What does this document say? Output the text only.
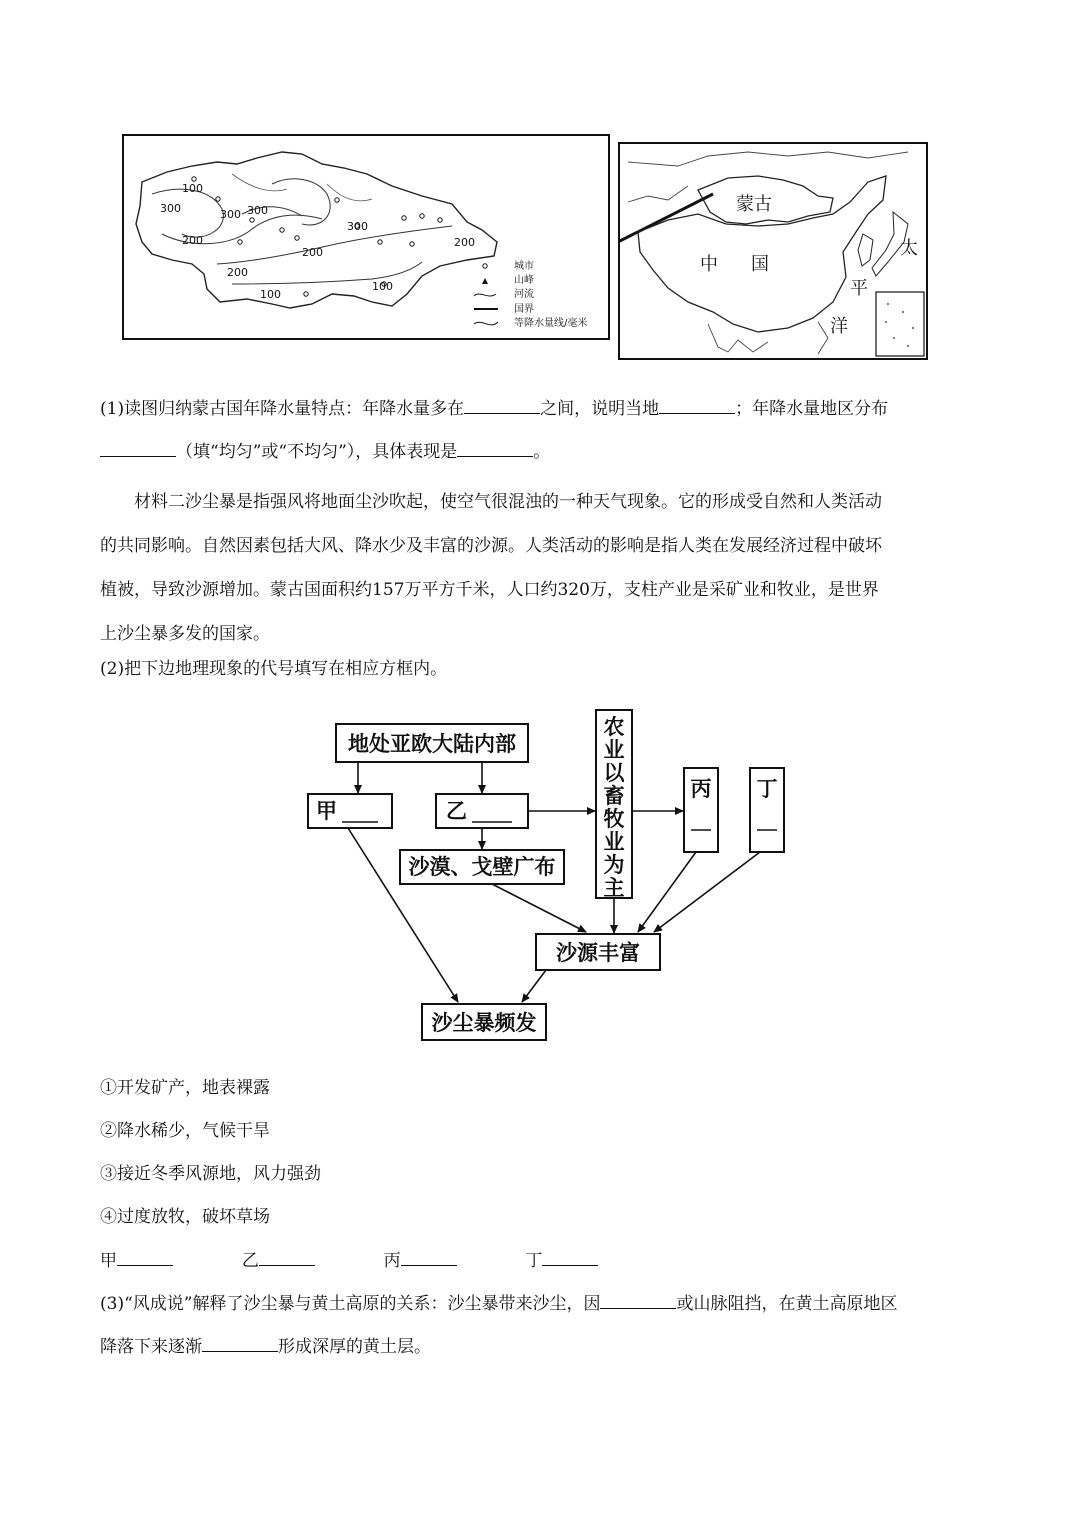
100
300	300
200
200
300
200
300
200
100
100
城市
山峰
河流
国界
等降水量线/毫米
蒙古
中 国
太
平
洋
(1)读图归纳蒙古国年降水量特点：年降水量多在	之间，说明当地	；年降水量地区分布
（填“均匀”或“不均匀”），具体表现是	。
材料二沙尘暴是指强风将地面尘沙吹起，使空气很混浊的一种天气现象。它的形成受自然和人类活动
的共同影响。自然因素包括大风、降水少及丰富的沙源。人类活动的影响是指人类在发展经济过程中破坏
植被，导致沙源增加。蒙古国面积约157万平方千米，人口约320万，支柱产业是采矿业和牧业，是世界
上沙尘暴多发的国家。
(2)把下边地理现象的代号填写在相应方框内。
地处亚欧大陆内部
甲	乙
沙漠、戈壁广布
农
业
以
畜
牧
业
为
主
丙 丁
沙源丰富
沙尘暴频发
①开发矿产，地表裸露
②降水稀少，气候干旱
③接近冬季风源地，风力强劲
④过度放牧，破坏草场
甲	乙	丙	丁
(3)“风成说”解释了沙尘暴与黄土高原的关系：沙尘暴带来沙尘，因	或山脉阻挡，在黄土高原地区
降落下来逐渐	形成深厚的黄土层。
